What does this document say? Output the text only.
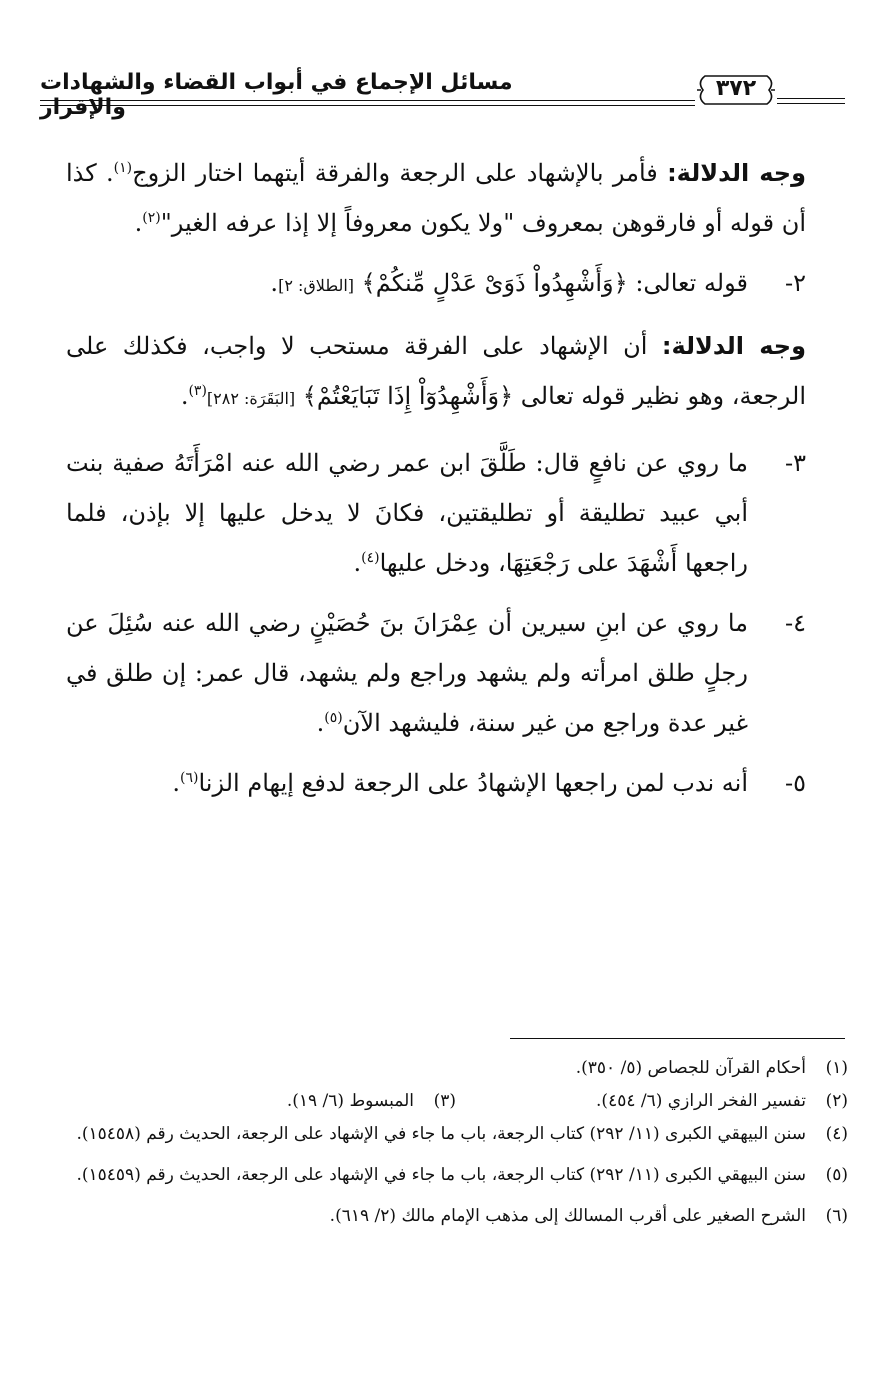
مسائل الإجماع في أبواب القضاء والشهادات والإقرار
٣٧٢

وجه الدلالة: فأمر بالإشهاد على الرجعة والفرقة أيتهما اختار الزوج$^{(١)}$. كذا أن قوله أو فارقوهن بمعروف "ولا يكون معروفاً إلا إذا عرفه الغير"$^{(٢)}$.

٢-
قوله تعالى: ﴿وَأَشْهِدُواْ ذَوَىْ عَدْلٍ مِّنكُمْ﴾ [الطلاق: ٢].

وجه الدلالة: أن الإشهاد على الفرقة مستحب لا واجب، فكذلك على الرجعة، وهو نظير قوله تعالى ﴿وَأَشْهِدُوٓاْ إِذَا تَبَايَعْتُمْ﴾ [البَقَرَة: ٢٨٢]$^{(٣)}$.

٣-
ما روي عن نافعٍ قال: طَلَّقَ ابن عمر رضي الله عنه امْرَأَتَهُ صفية بنت أبي عبيد تطليقة أو تطليقتين، فكانَ لا يدخل عليها إلا بإذن، فلما راجعها أَشْهَدَ على رَجْعَتِهَا، ودخل عليها$^{(٤)}$.
٤-
ما روي عن ابنِ سيرين أن عِمْرَانَ بنَ حُصَيْنٍ رضي الله عنه سُئِلَ عن رجلٍ طلق امرأته ولم يشهد وراجع ولم يشهد، قال عمر: إن طلق في غير عدة وراجع من غير سنة، فليشهد الآن$^{(٥)}$.
٥-
أنه ندب لمن راجعها الإشهادُ على الرجعة لدفع إيهام الزنا$^{(٦)}$.
(١)
أحكام القرآن للجصاص (٥/ ٣٥٠).
(٢)
تفسير الفخر الرازي (٦/ ٤٥٤).
(٣)
المبسوط (٦/ ١٩).
(٤)
سنن البيهقي الكبرى (١١/ ٢٩٢) كتاب الرجعة، باب ما جاء في الإشهاد على الرجعة، الحديث رقم (١٥٤٥٨).
(٥)
سنن البيهقي الكبرى (١١/ ٢٩٢) كتاب الرجعة، باب ما جاء في الإشهاد على الرجعة، الحديث رقم (١٥٤٥٩).
(٦)
الشرح الصغير على أقرب المسالك إلى مذهب الإمام مالك (٢/ ٦١٩).
